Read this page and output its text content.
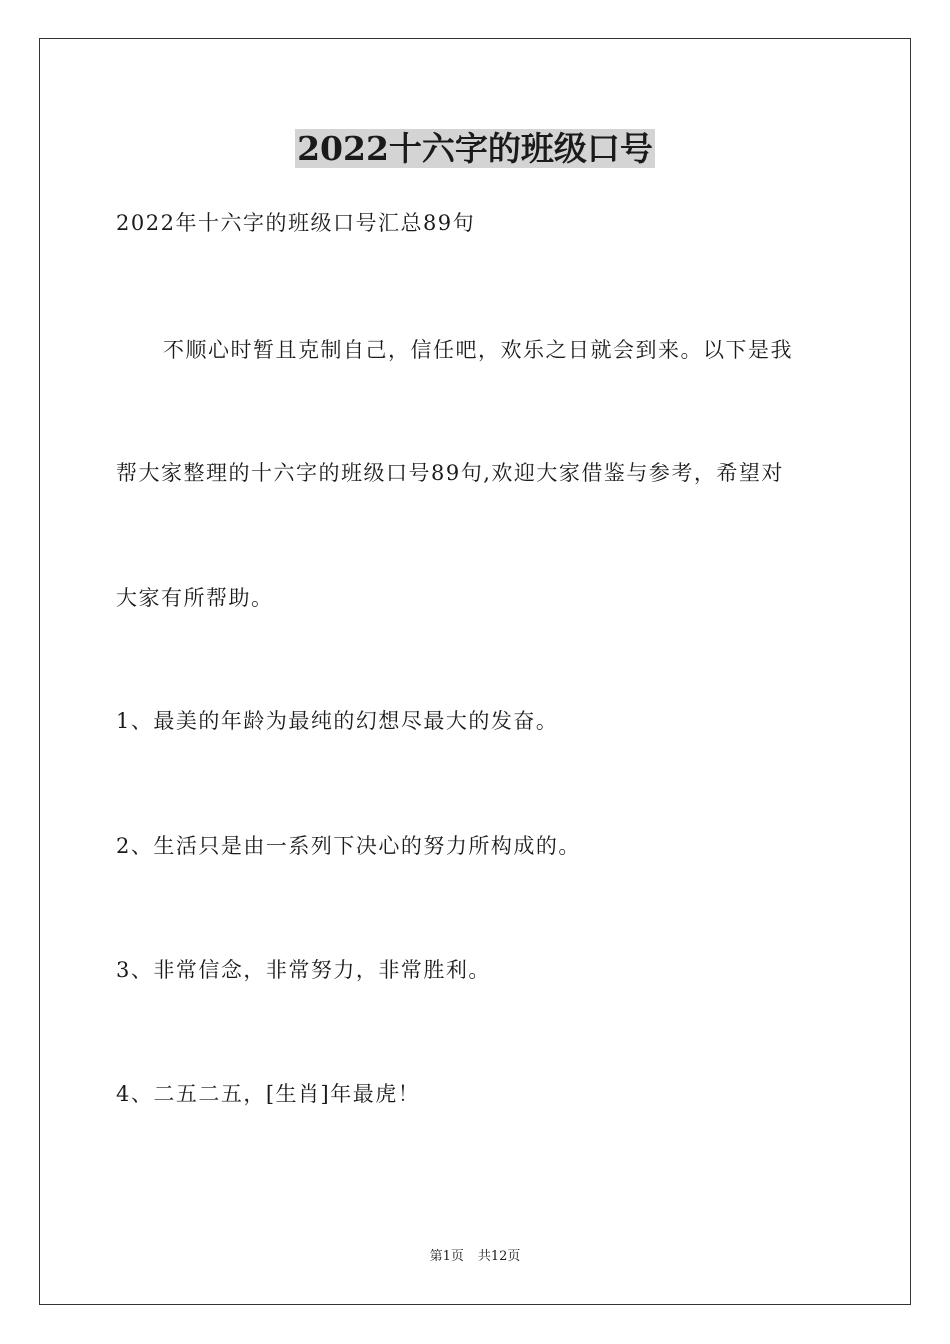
2022十六字的班级口号
2022年十六字的班级口号汇总89句
不顺心时暂且克制自己，信任吧，欢乐之日就会到来。以下是我
帮大家整理的十六字的班级口号89句,欢迎大家借鉴与参考，希望对
大家有所帮助。
1、最美的年龄为最纯的幻想尽最大的发奋。
2、生活只是由一系列下决心的努力所构成的。
3、非常信念，非常努力，非常胜利。
4、二五二五，[生肖]年最虎！
第1页 共12页
